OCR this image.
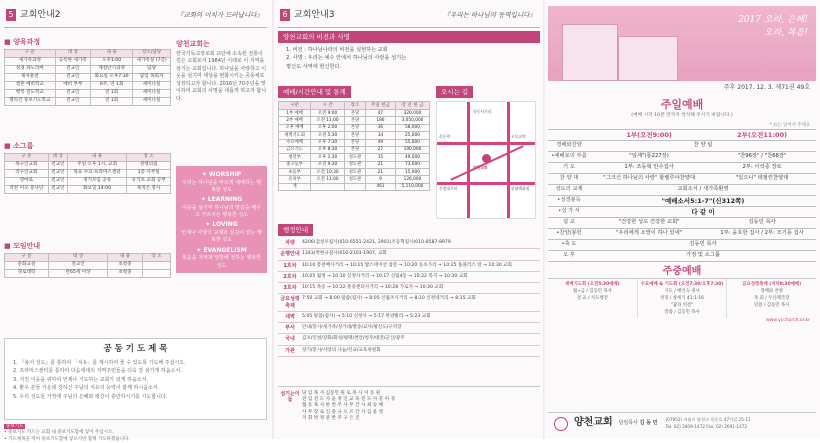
5 교회안내2	『교회의 이치가 드러납니다』
■ 양육과정
구 분	대 상	내 용	장소/담당
새가족과정	등록한 새가족	오후1:00	새가족실 (7층)
성경 파노라마	전교인	계절단기과정	담당
제자훈련	전교인	화요일 오후7:30	담임 목회자
결혼 예비학교	예비 부부	6주, 연 1회	세미나실
행복 전도학교	전교인	연 1회	세미나실
헬리건 중보기도학교	전교인	연 1회	세미나실
■ 소그룹
구 분	대 상	내 용	장 소
목구인교회	전교인	주일 오후 1시, 교회	성령의집
작구인교회	전교인	목요 수요 프라미스센터	1층 사무실
영마로	전교인	정기모임 공유	유기초 교회 공부
작전 미모 봉사단	전교인	화요일 14:00	목적은 봉사
■ 모임안내
구 분	대 상	내 용	장 소
문화교실	전교인	초청중	
경로대학	만65세 이상	초청중	
양천교회는
한국기독교장로회 교단에 소속된 전통이 깊은 교회로서 1984년 이래로 이 지역을 섬기는 교회입니다. 하나님을 사랑하고 이웃을 섬기며 세상을 변화시키는 공동체로 성장하고자 합니다. 2016년 70주년을 맞이하여 교회의 사명을 새롭게 하고자 합니다.
✦ WORSHIP
우리는 하나님을 바르게 예배하는 행복한 성도
✦ LEARNING
이웃을 섬기며 하나님의 말씀을 배우고 가르치는 행복한 성도
✦ LOVING
언제나 사랑의 교제와 섬김이 있는 행복한 성도
✦ EVANGELISM
복음을 지역과 열방에 전하는 행복한 성도
공 동 기 도 제 목
1. 『용서 성도』를 통하여 「치유」를 제시하여 줄 수 있도록 기도해 주십시오.
2. 프라미스센터를 통하여 다음세대의 지역주민들을 더욱 잘 섬기게 하옵소서.
3. 지친 이웃을 위하여 언제나 기도하는 교회가 되게 하옵소서.
4. 환우 분들 가운데 강하신 주님의 치유의 능력이 함께 하시옵소서.
5. 우리 성도들 가정에 주님의 은혜와 평강이 충만하시기를 기도합니다.
중보기도
• 중보기도 카드는 교회 내 중보기도함에 넣어 주십시오.
• 기도제목을 적어 중보기도함에 넣으시면 함께 기도하겠습니다.
6 교회안내3	『우리는 하나님의 동역입니다』
양천교회의 비전과 사명
1. 비전 : 하나님나라의 비전을 실현하는 교회
2. 사명 : 우리는 예수 안에서 하나님의 사랑을 섬기는
평신도 사역에 헌신한다.
예배/시간안내 및 통계
구분	시 간	장소	주일 헌금	장 년 현 금
1부 예배	오전 9:00	본당	47	320,000
2부 예배	오전 11:00	본당	186	3,050,000
오후 예배	오후 2:00	본당	36	58,000
새벽기도회	오전 5:30	본당	34	25,000
수요예배	오후 7:30	본당	49	55,000
금요기도	오후 8:30	본당	27	190,000
청년부	오후 1:30	성도관	15	49,000
중고등부	오전 9:30	성도관	21	73,000
초등부	오전 10:30	성도관	21	15,000
유치부	오전 11:00	성도관	9	126,000
계			461	5,110,000
오시는 길
양천교회
목동역	오목교역
신정네거리	현대백화점
목동사거리
행정안내
차량	4206(검성우집사)010-6551-2421, 2901(조동혁집사)010-8587-8979
운행안내 1343(박현규집사)010-2103-1907, 교회
1호차	10:10 봉천배사거리 → 10:15 밥스테이션 참문 → 10:20 동초가리 → 10:25 홈플러스 앞 → 10:30 교회
2호차	10:05 월정 → 10:10 신정사거리 → 10:17 신림4동 → 10:22 복지 → 10:30 교회
3호차	10:15 목동 → 10:22 통증센터사거리 → 10:28 가로지 → 10:30 교회
금요성령축제
7:50 교회 → 8:00 말씀(집사) → 8:05 신월조사거리 → 8:10 신정네거리 → 8:15 교회
새벽	5:05 말씀(집사) → 5:10 신창사 → 5:17 한양빌라 → 5:23 교회
부서	안내/봉사/새가족/성가대/방송/교사/평신도/구역장
국내	김포/인천/강화/화성/평택/천안/청주/대전/군산/광주
가관	장기/봉사/사랑의 나눔/선교/교육위원회
섬기는이들
당 임 목 사 김동민 원 로 목 사 이 동 원
전 임 전 도 사 윤 정 인 교 육 전 도 사 강 미 경
협 동 목 사 한 번 주 사 무 간 사 최 승 혜
사 무 장 로 신 종 규 오 르 간 사 김 윤 영
지 휘 박 정 관 반 주 구 은 진
2017 오라, 은혜!
오라, 복음!
주후 2017. 12. 3. 제71권 49호
주일예배
(예배 시작 10분 전까지 착석해 주시기 바랍니다.)
* 표는 일어서 주세요
	1부(오전9:00)	2부(오전11:00)
경배와찬양	찬 양 팀	
•예배로의 부름	"임재"(통227장)	"찬96장" / "찬68장"
기 도	1부: 조동혁 안수집사	2부: 이석종 장로
찬 양 대	"그크신 하나님의 사랑" 할렐루야찬양대	"있으니" 테필린찬양대
성도의 교제	교회소식 / 새가족환영	
•성경봉독	"예배소서5:1-7"(신312쪽)	
•성 가 식	다 같 이	
설 교	"건강한 성도 건강한 교회"	김동민 목사
•찬양/봉헌	"우리에게 소망이 하나 있네"	1부: 윤호한 집사 / 2부: 조기동 집사
•축 도	김동민 목사	
오 후	가정 및 소그룹	
주중예배
새벽기도회 (오전5:30예배)
월~금 / 김동민 목사
설 교 / 사도행전
수요예배 & 기도회 (오전7:30/오후7:30)
기도 / 배인숙 권사
성경 / 창세기 41:1-16
"꿈과 비전"
말씀 / 김동민 목사
금요성령축제 (저녁8:30예배)
경배와 찬양
목 회 / 두산페국장
말씀 / 김동민 목사
www.ycchurch.or.kr
양천교회 담임목사 김 동 민
(07952) 서울시 양천구 목동로 47가길 25-11
Tel. 02) 2609-1472 Fax. 02) 2691-1472
